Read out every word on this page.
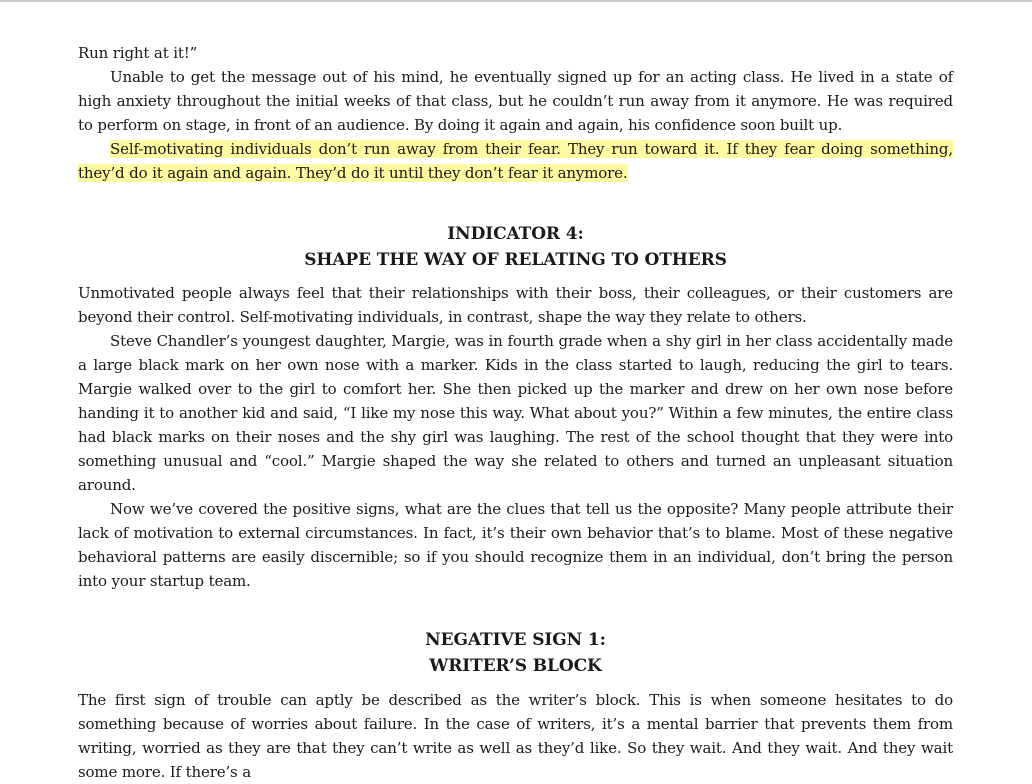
Run right at it!”

Unable to get the message out of his mind, he eventually signed up for an acting class. He lived in a state of high anxiety throughout the initial weeks of that class, but he couldn’t run away from it anymore. He was required to perform on stage, in front of an audience. By doing it again and again, his confidence soon built up.

Self-motivating individuals don’t run away from their fear. They run toward it. If they fear doing something, they’d do it again and again. They’d do it until they don’t fear it anymore.

INDICATOR 4:
SHAPE THE WAY OF RELATING TO OTHERS

Unmotivated people always feel that their relationships with their boss, their colleagues, or their customers are beyond their control. Self-motivating individuals, in contrast, shape the way they relate to others.

Steve Chandler’s youngest daughter, Margie, was in fourth grade when a shy girl in her class accidentally made a large black mark on her own nose with a marker. Kids in the class started to laugh, reducing the girl to tears. Margie walked over to the girl to comfort her. She then picked up the marker and drew on her own nose before handing it to another kid and said, “I like my nose this way. What about you?” Within a few minutes, the entire class had black marks on their noses and the shy girl was laughing. The rest of the school thought that they were into something unusual and “cool.” Margie shaped the way she related to others and turned an unpleasant situation around.

Now we’ve covered the positive signs, what are the clues that tell us the opposite? Many people attribute their lack of motivation to external circumstances. In fact, it’s their own behavior that’s to blame. Most of these negative behavioral patterns are easily discernible; so if you should recognize them in an individual, don’t bring the person into your startup team.

NEGATIVE SIGN 1:
WRITER’S BLOCK

The first sign of trouble can aptly be described as the writer’s block. This is when someone hesitates to do something because of worries about failure. In the case of writers, it’s a mental barrier that prevents them from writing, worried as they are that they can’t write as well as they’d like. So they wait. And they wait. And they wait some more. If there’s a
